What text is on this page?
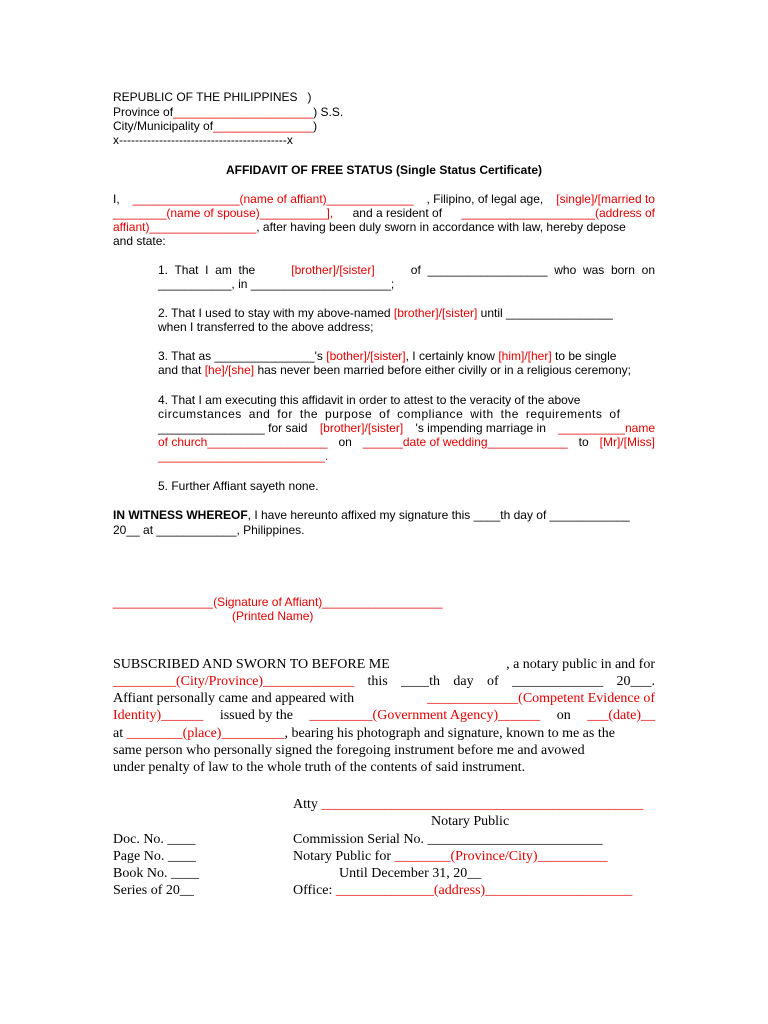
REPUBLIC OF THE PHILIPPINES   )
Province of_____________________) S.S.
City/Municipality of_______________)
x------------------------------------------x
AFFIDAVIT OF FREE STATUS (Single Status Certificate)
I, ________________(name of affiant)_____________ , Filipino, of legal age, [single]/[married to
________(name of spouse)__________], and a resident of ____________________(address of
affiant)________________, after having been duly sworn in accordance with law, hereby depose
and state:
1.  That  I  am  the	[brother]/[sister]	of  __________________  who  was  born  on
___________, in _____________________;
2. That I used to stay with my above-named [brother]/[sister] until ________________
when I transferred to the above address;
3. That as _______________'s [bother]/[sister], I certainly know [him]/[her] to be single
and that [he]/[she] has never been married before either civilly or in a religious ceremony;
4. That I am executing this affidavit in order to attest to the veracity of the above
circumstances and for the purpose of compliance with the requirements of
________________ for said [brother]/[sister] 's impending marriage in __________name
of church__________________ on ______date of wedding____________ to [Mr]/[Miss]
_________________________.
5. Further Affiant sayeth none.
IN WITNESS WHEREOF, I have hereunto affixed my signature this ____th day of ____________
20__ at ____________, Philippines.
_______________(Signature of Affiant)__________________
(Printed Name)
SUBSCRIBED AND SWORN TO BEFORE ME	, a notary public in and for
_________(City/Province)_____________ this ____th day of _____________ 20___.
Affiant personally came and appeared with	_____________(Competent Evidence of
Identity)______ issued by the _________(Government Agency)______ on ___(date)__
at ________(place)_________, bearing his photograph and signature, known to me as the
same person who personally signed the foregoing instrument before me and avowed
under penalty of law to the whole truth of the contents of said instrument.
Atty ______________________________________________
Notary Public
Doc. No. ____
Page No. ____
Book No. ____
Series of 20__
Commission Serial No. _________________________
Notary Public for ________(Province/City)__________
Until December 31, 20__
Office: ______________(address)_____________________
